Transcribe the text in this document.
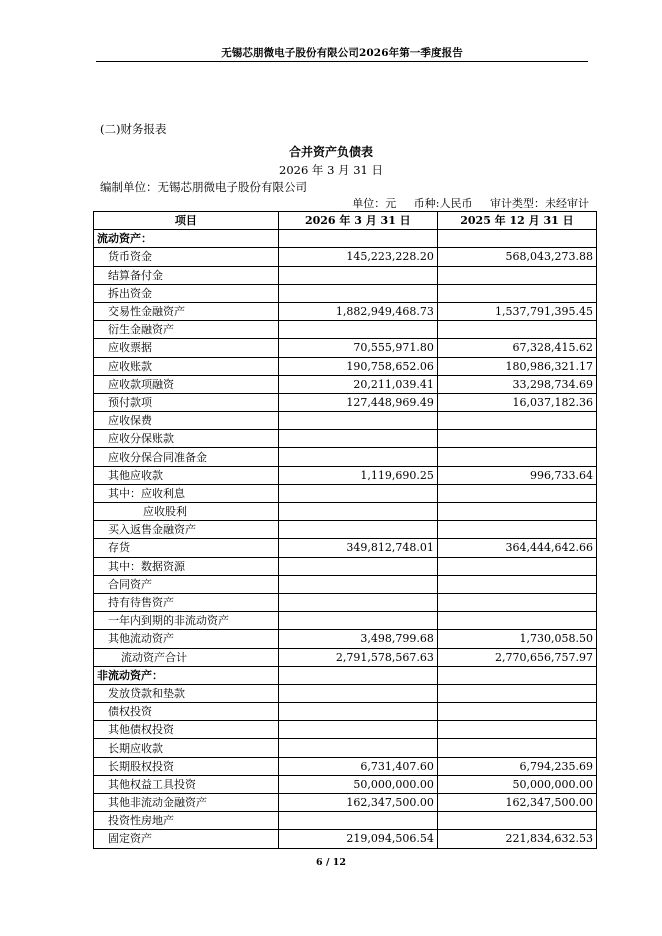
无锡芯朋微电子股份有限公司2026年第一季度报告
(二)财务报表
合并资产负债表
2026 年 3 月 31 日
编制单位：无锡芯朋微电子股份有限公司
单位：元 币种:人民币 审计类型：未经审计
项目	2026 年 3 月 31 日	2025 年 12 月 31 日
流动资产：		
货币资金	145,223,228.20	568,043,273.88
结算备付金		
拆出资金		
交易性金融资产	1,882,949,468.73	1,537,791,395.45
衍生金融资产		
应收票据	70,555,971.80	67,328,415.62
应收账款	190,758,652.06	180,986,321.17
应收款项融资	20,211,039.41	33,298,734.69
预付款项	127,448,969.49	16,037,182.36
应收保费		
应收分保账款		
应收分保合同准备金		
其他应收款	1,119,690.25	996,733.64
其中：应收利息		
应收股利		
买入返售金融资产		
存货	349,812,748.01	364,444,642.66
其中：数据资源		
合同资产		
持有待售资产		
一年内到期的非流动资产		
其他流动资产	3,498,799.68	1,730,058.50
流动资产合计	2,791,578,567.63	2,770,656,757.97
非流动资产：		
发放贷款和垫款		
债权投资		
其他债权投资		
长期应收款		
长期股权投资	6,731,407.60	6,794,235.69
其他权益工具投资	50,000,000.00	50,000,000.00
其他非流动金融资产	162,347,500.00	162,347,500.00
投资性房地产		
固定资产	219,094,506.54	221,834,632.53
6 / 12
